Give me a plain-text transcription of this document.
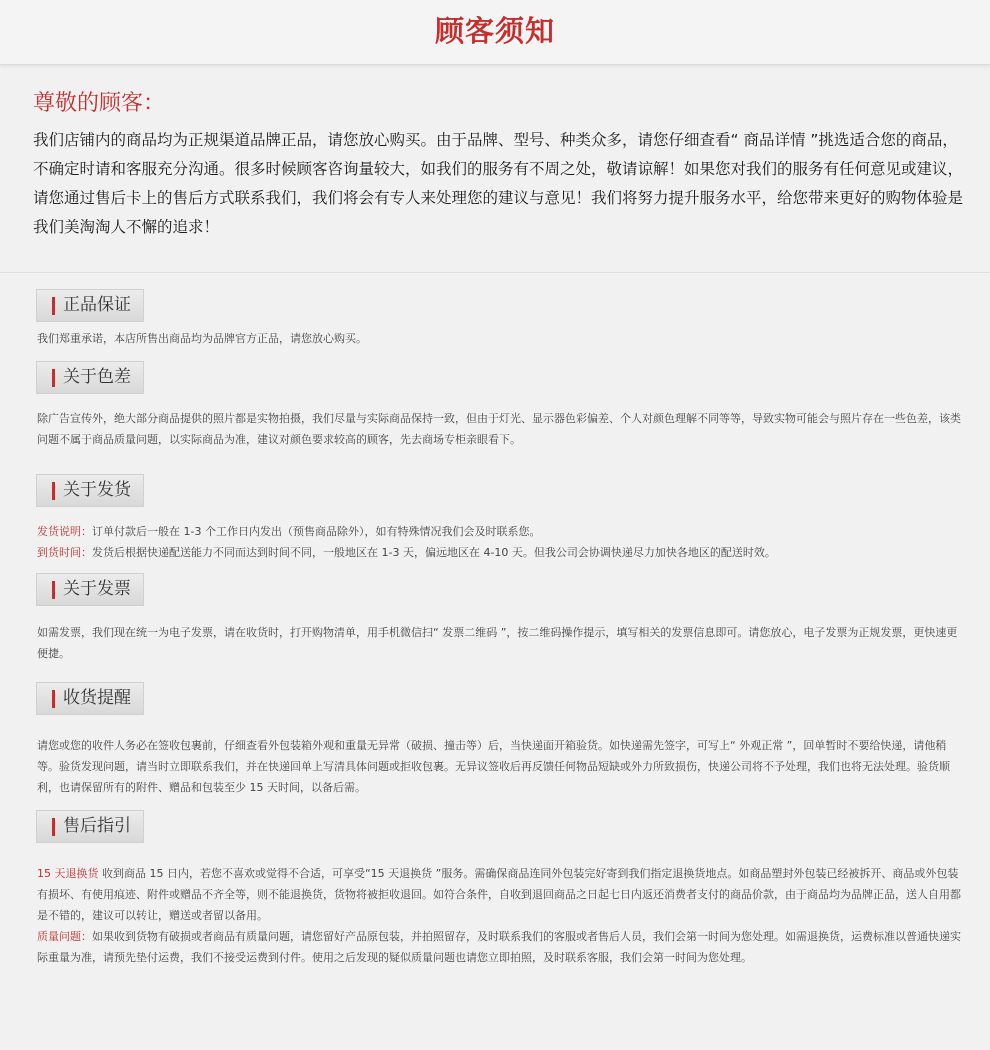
顾客须知

尊敬的顾客：

我们店铺内的商品均为正规渠道品牌正品，请您放心购买。由于品牌、型号、种类众多，请您仔细查看“ 商品详情 ”挑选适合您的商品，不确定时请和客服充分沟通。很多时候顾客咨询量较大，如我们的服务有不周之处，敬请谅解！如果您对我们的服务有任何意见或建议，请您通过售后卡上的售后方式联系我们，我们将会有专人来处理您的建议与意见！我们将努力提升服务水平，给您带来更好的购物体验是我们美淘淘人不懈的追求！

正品保证

我们郑重承诺，本店所售出商品均为品牌官方正品，请您放心购买。

关于色差

除广告宣传外，绝大部分商品提供的照片都是实物拍摄，我们尽量与实际商品保持一致，但由于灯光、显示器色彩偏差、个人对颜色理解不同等等，导致实物可能会与照片存在一些色差，该类问题不属于商品质量问题，以实际商品为准，建议对颜色要求较高的顾客，先去商场专柜亲眼看下。

关于发货

发货说明：订单付款后一般在 1-3 个工作日内发出（预售商品除外），如有特殊情况我们会及时联系您。

到货时间：发货后根据快递配送能力不同而达到时间不同，一般地区在 1-3 天，偏远地区在 4-10 天。但我公司会协调快递尽力加快各地区的配送时效。

关于发票

如需发票，我们现在统一为电子发票，请在收货时，打开购物清单，用手机微信扫“ 发票二维码 ”，按二维码操作提示，填写相关的发票信息即可。请您放心，电子发票为正规发票，更快速更便捷。

收货提醒

请您或您的收件人务必在签收包裹前，仔细查看外包装箱外观和重量无异常（破损、撞击等）后，当快递面开箱验货。如快递需先签字，可写上“ 外观正常 ”，回单暂时不要给快递，请他稍等。验货发现问题，请当时立即联系我们，并在快递回单上写清具体问题或拒收包裹。无异议签收后再反馈任何物品短缺或外力所致损伤，快递公司将不予处理，我们也将无法处理。验货顺利，也请保留所有的附件、赠品和包装至少 15 天时间，以备后需。

售后指引

15 天退换货 收到商品 15 日内，若您不喜欢或觉得不合适，可享受“15 天退换货 ”服务。需确保商品连同外包装完好寄到我们指定退换货地点。如商品塑封外包装已经被拆开、商品或外包装有损坏、有使用痕迹、附件或赠品不齐全等，则不能退换货，货物将被拒收退回。如符合条件，自收到退回商品之日起七日内返还消费者支付的商品价款，由于商品均为品牌正品，送人自用都是不错的，建议可以转让，赠送或者留以备用。

质量问题：如果收到货物有破损或者商品有质量问题，请您留好产品原包装，并拍照留存，及时联系我们的客服或者售后人员，我们会第一时间为您处理。如需退换货，运费标准以普通快递实际重量为准，请预先垫付运费，我们不接受运费到付件。使用之后发现的疑似质量问题也请您立即拍照，及时联系客服，我们会第一时间为您处理。
